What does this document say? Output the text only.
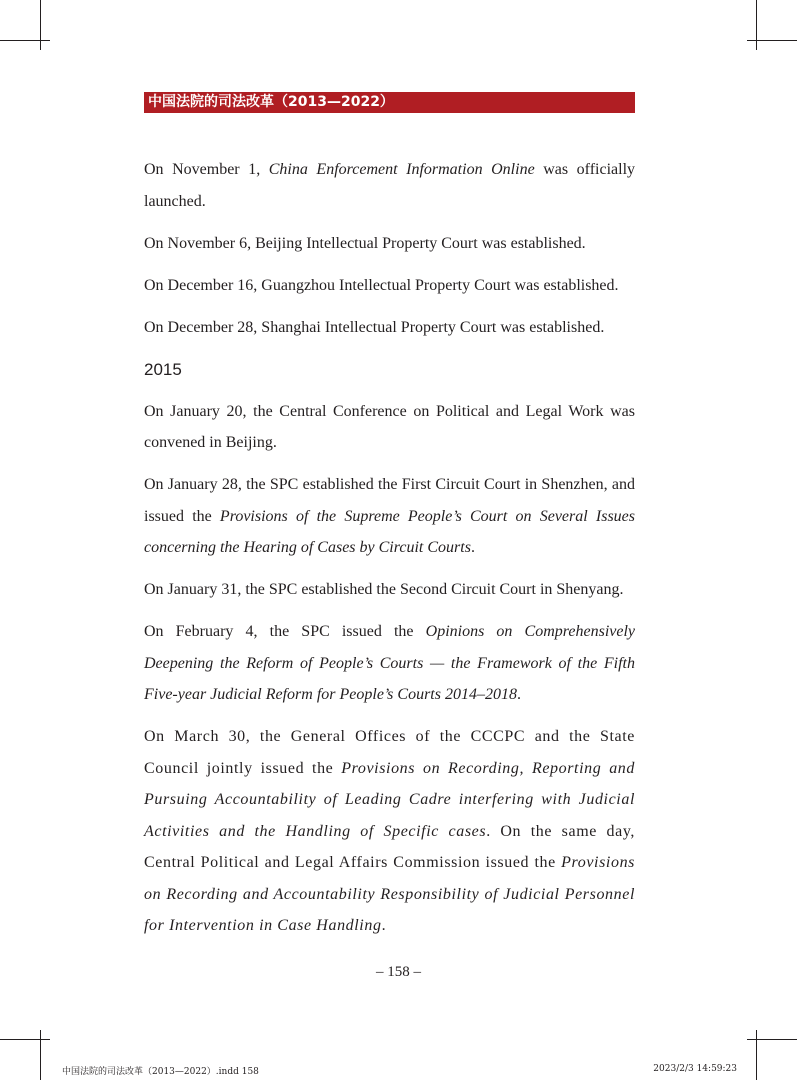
中国法院的司法改革（2013—2022）

On November 1, China Enforcement Information Online was officially launched.

On November 6, Beijing Intellectual Property Court was established.

On December 16, Guangzhou Intellectual Property Court was established.

On December 28, Shanghai Intellectual Property Court was established.

2015

On January 20, the Central Conference on Political and Legal Work was convened in Beijing.

On January 28, the SPC established the First Circuit Court in Shenzhen, and issued the Provisions of the Supreme People’s Court on Several Issues concerning the Hearing of Cases by Circuit Courts.

On January 31, the SPC established the Second Circuit Court in Shenyang.

On February 4, the SPC issued the Opinions on Comprehensively Deepening the Reform of People’s Courts — the Framework of the Fifth Five-year Judicial Reform for People’s Courts 2014–2018.

On March 30, the General Offices of the CCCPC and the State Council jointly issued the Provisions on Recording, Reporting and Pursuing Accountability of Leading Cadre interfering with Judicial Activities and the Handling of Specific cases. On the same day, Central Political and Legal Affairs Commission issued the Provisions on Recording and Accountability Responsibility of Judicial Personnel for Intervention in Case Handling.

– 158 –
中国法院的司法改革（2013—2022）.indd 158	2023/2/3 14:59:23
